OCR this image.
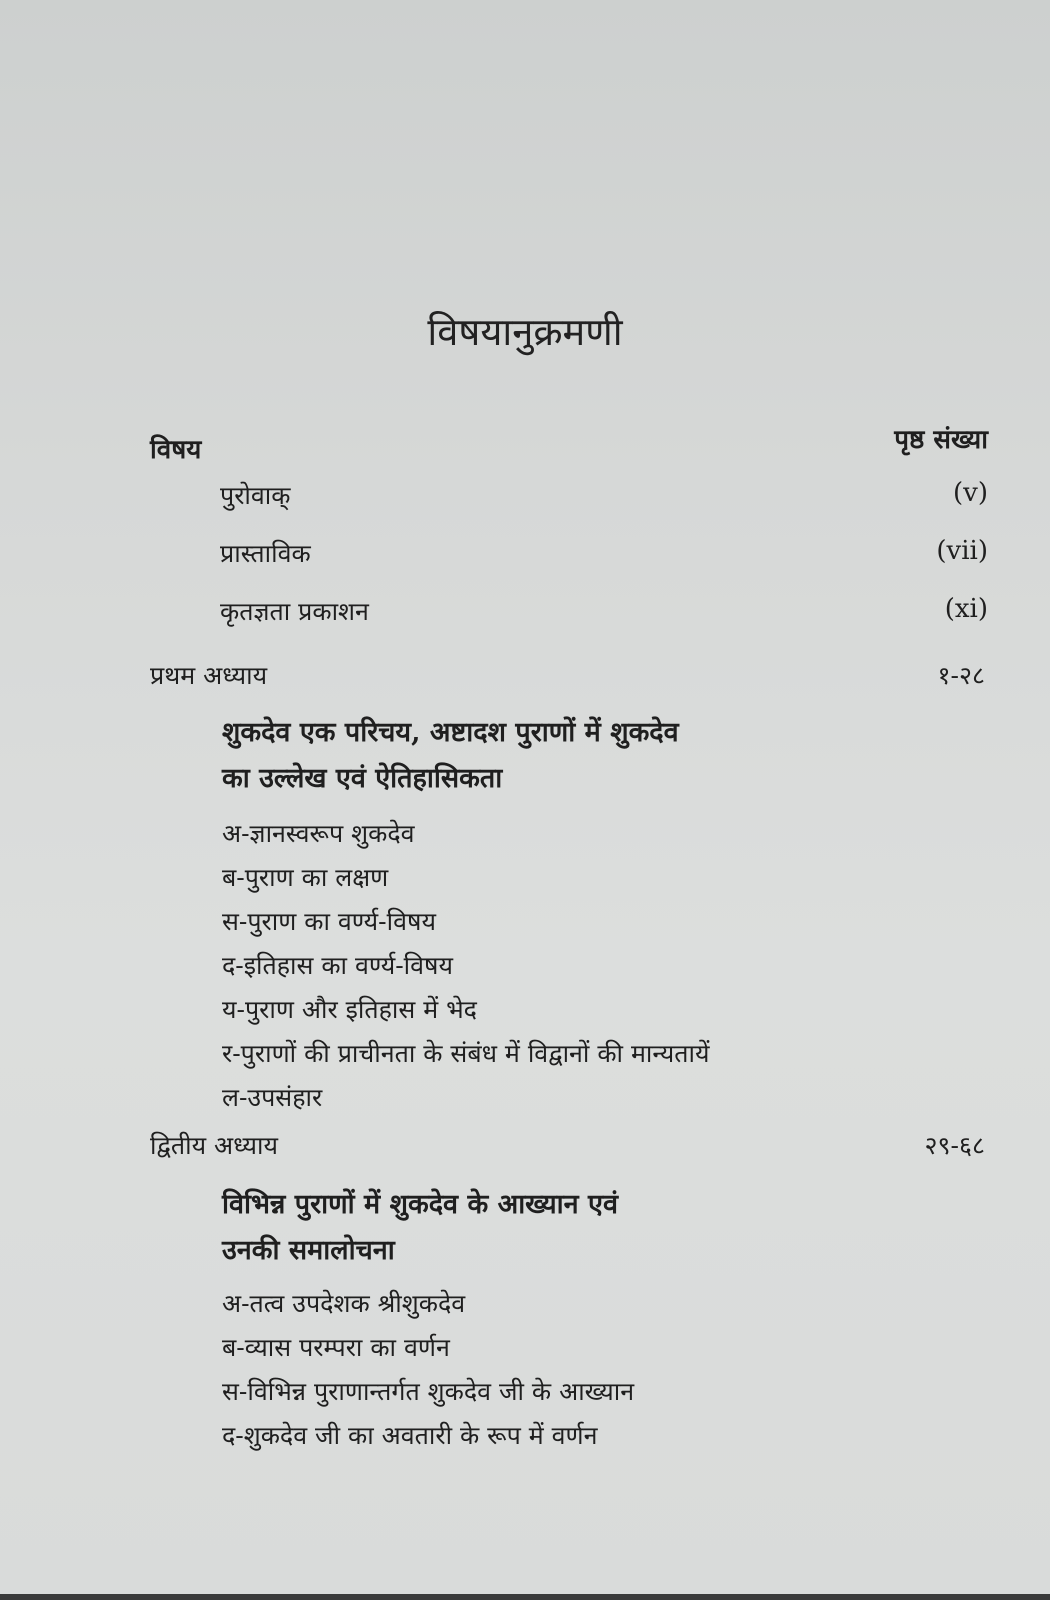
विषयानुक्रमणी
विषय	पृष्ठ संख्या
पुरोवाक्	(v)
प्रास्ताविक	(vii)
कृतज्ञता प्रकाशन	(xi)
प्रथम अध्याय	१-२८
शुकदेव एक परिचय, अष्टादश पुराणों में शुकदेव
का उल्लेख एवं ऐतिहासिकता
अ-ज्ञानस्वरूप शुकदेव
ब-पुराण का लक्षण
स-पुराण का वर्ण्य-विषय
द-इतिहास का वर्ण्य-विषय
य-पुराण और इतिहास में भेद
र-पुराणों की प्राचीनता के संबंध में विद्वानों की मान्यतायें
ल-उपसंहार
द्वितीय अध्याय	२९-६८
विभिन्न पुराणों में शुकदेव के आख्यान एवं
उनकी समालोचना
अ-तत्व उपदेशक श्रीशुकदेव
ब-व्यास परम्परा का वर्णन
स-विभिन्न पुराणान्तर्गत शुकदेव जी के आख्यान
द-शुकदेव जी का अवतारी के रूप में वर्णन
